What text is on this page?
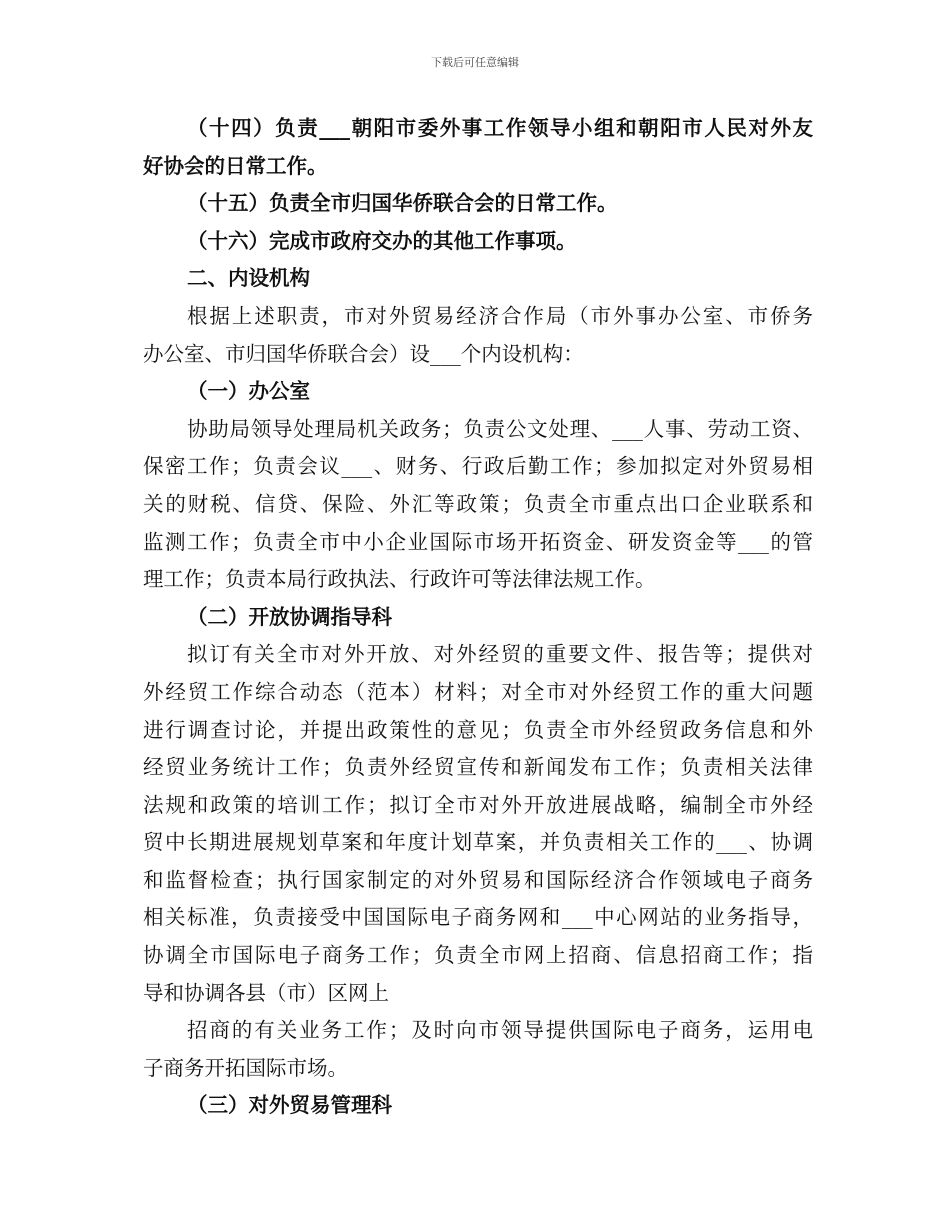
下载后可任意编辑
（十四）负责___朝阳市委外事工作领导小组和朝阳市人民对外友
好协会的日常工作。
（十五）负责全市归国华侨联合会的日常工作。
（十六）完成市政府交办的其他工作事项。
二、内设机构
根据上述职责，市对外贸易经济合作局（市外事办公室、市侨务
办公室、市归国华侨联合会）设___个内设机构：
（一）办公室
协助局领导处理局机关政务；负责公文处理、___人事、劳动工资、
保密工作；负责会议___、财务、行政后勤工作；参加拟定对外贸易相
关的财税、信贷、保险、外汇等政策；负责全市重点出口企业联系和
监测工作；负责全市中小企业国际市场开拓资金、研发资金等___的管
理工作；负责本局行政执法、行政许可等法律法规工作。
（二）开放协调指导科
拟订有关全市对外开放、对外经贸的重要文件、报告等；提供对
外经贸工作综合动态（范本）材料；对全市对外经贸工作的重大问题
进行调查讨论，并提出政策性的意见；负责全市外经贸政务信息和外
经贸业务统计工作；负责外经贸宣传和新闻发布工作；负责相关法律
法规和政策的培训工作；拟订全市对外开放进展战略，编制全市外经
贸中长期进展规划草案和年度计划草案，并负责相关工作的___、协调
和监督检查；执行国家制定的对外贸易和国际经济合作领域电子商务
相关标准，负责接受中国国际电子商务网和___中心网站的业务指导，
协调全市国际电子商务工作；负责全市网上招商、信息招商工作；指
导和协调各县（市）区网上
招商的有关业务工作；及时向市领导提供国际电子商务，运用电
子商务开拓国际市场。
（三）对外贸易管理科
